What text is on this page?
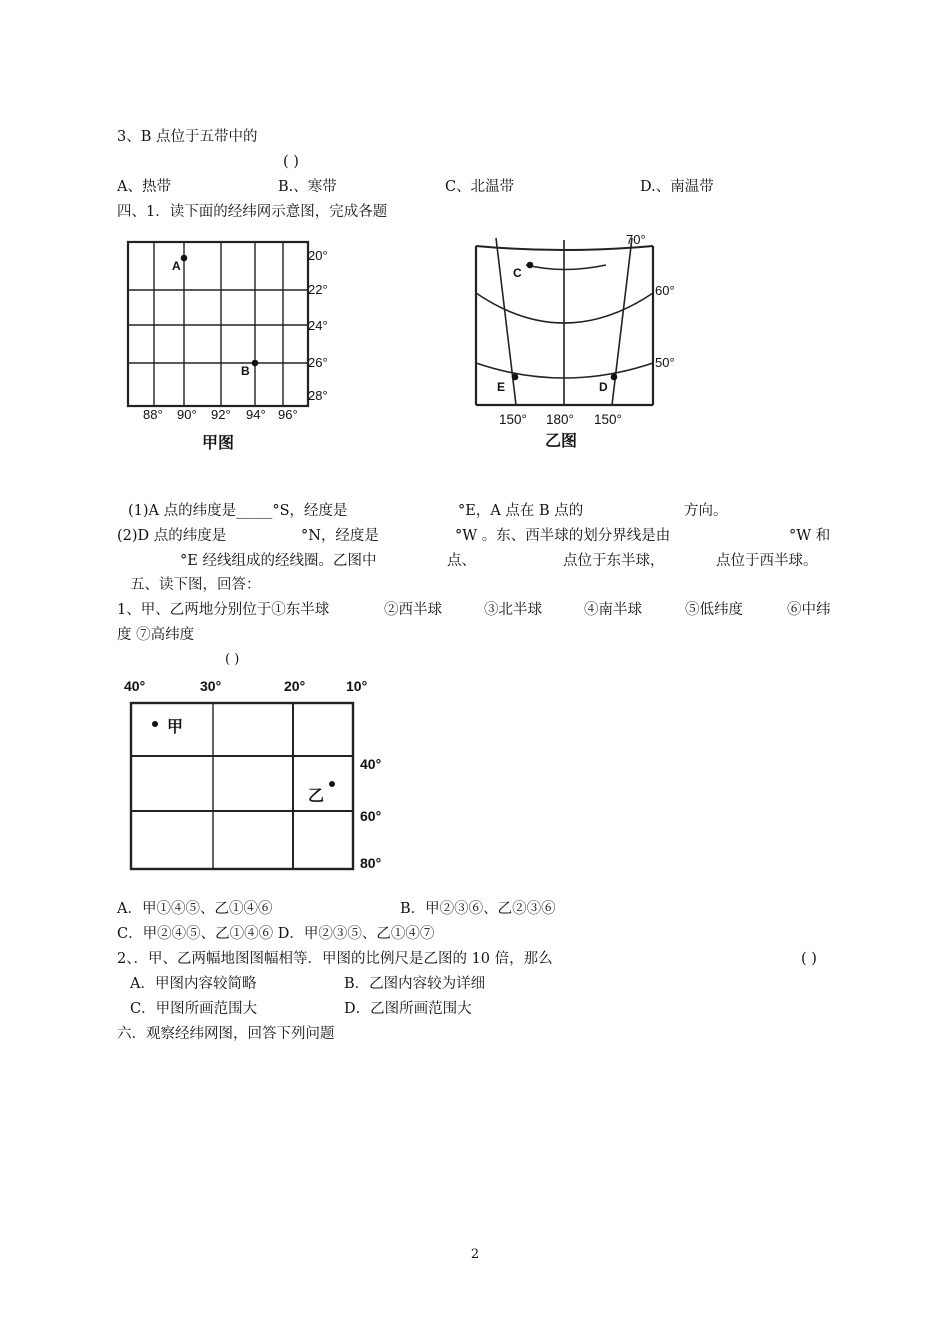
3、B 点位于五带中的
( )
A、热带	B.、寒带	C、北温带	D.、南温带
四、1．读下面的经纬网示意图，完成各题
A
B
20°
22°
24°
26°
28°
88° 90° 92° 94° 96°
甲图
C
E	D
70°
60°
50°
150° 180° 150°
乙图
(1)A 点的纬度是_____°S，经度是	°E，A 点在 B 点的	方向。
(2)D 点的纬度是	°N，经度是	°W 。东、西半球的划分界线是由	°W 和
°E 经线组成的经线圈。乙图中	点、	点位于东半球，	点位于西半球。
五、读下图，回答：
1、甲、乙两地分别位于①东半球	②西半球	③北半球	④南半球	⑤低纬度	⑥中纬
度 ⑦高纬度
( )
40°	30°	20°	10°
40°
60°
80°
甲
乙
A．甲①④⑤、乙①④⑥	B．甲②③⑥、乙②③⑥
C．甲②④⑤、乙①④⑥ D．甲②③⑤、乙①④⑦
2、．甲、乙两幅地图图幅相等．甲图的比例尺是乙图的 10 倍，那么	( )
A．甲图内容较简略	B．乙图内容较为详细
C．甲图所画范围大	D．乙图所画范围大
六．观察经纬网图，回答下列问题
2
